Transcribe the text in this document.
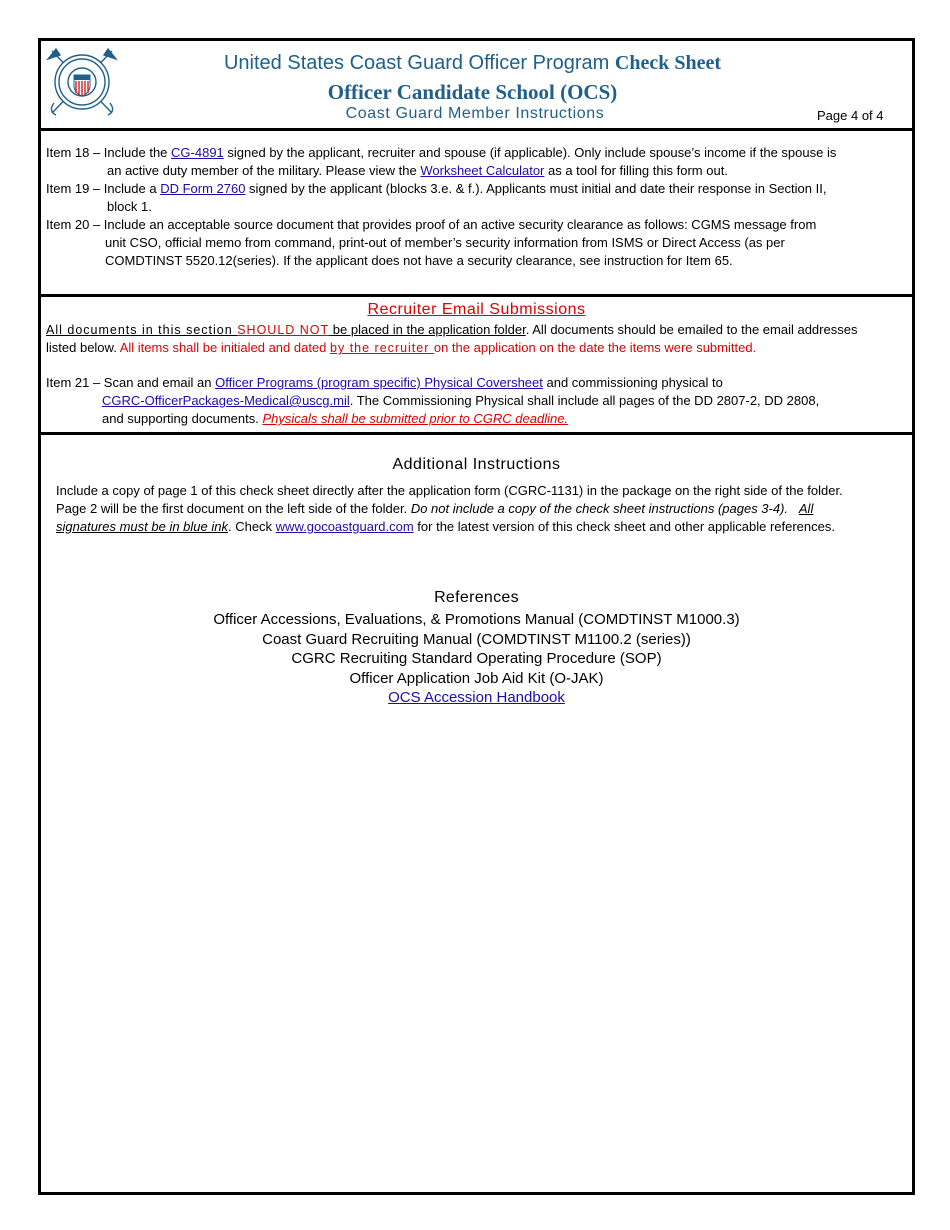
United States Coast Guard Officer Program Check Sheet
Officer Candidate School (OCS)
Coast Guard Member Instructions	Page 4 of 4
Item 18 – Include the CG-4891 signed by the applicant, recruiter and spouse (if applicable). Only include spouse’s income if the spouse is
an active duty member of the military. Please view the Worksheet Calculator as a tool for filling this form out.
Item 19 – Include a DD Form 2760 signed by the applicant (blocks 3.e. & f.). Applicants must initial and date their response in Section II,
block 1.
Item 20 – Include an acceptable source document that provides proof of an active security clearance as follows: CGMS message from
unit CSO, official memo from command, print-out of member’s security information from ISMS or Direct Access (as per
COMDTINST 5520.12(series). If the applicant does not have a security clearance, see instruction for Item 65.
Recruiter Email Submissions
All documents in this section SHOULD NOT be placed in the application folder. All documents should be emailed to the email addresses
listed below. All items shall be initialed and dated by the recruiter on the application on the date the items were submitted.
Item 21 – Scan and email an Officer Programs (program specific) Physical Coversheet and commissioning physical to
CGRC-OfficerPackages-Medical@uscg.mil. The Commissioning Physical shall include all pages of the DD 2807-2, DD 2808,
and supporting documents. Physicals shall be submitted prior to CGRC deadline.
Additional Instructions
Include a copy of page 1 of this check sheet directly after the application form (CGRC-1131) in the package on the right side of the folder.
Page 2 will be the first document on the left side of the folder. Do not include a copy of the check sheet instructions (pages 3-4). All
signatures must be in blue ink. Check www.gocoastguard.com for the latest version of this check sheet and other applicable references.
References
Officer Accessions, Evaluations, & Promotions Manual (COMDTINST M1000.3)
Coast Guard Recruiting Manual (COMDTINST M1100.2 (series))
CGRC Recruiting Standard Operating Procedure (SOP)
Officer Application Job Aid Kit (O-JAK)
OCS Accession Handbook
